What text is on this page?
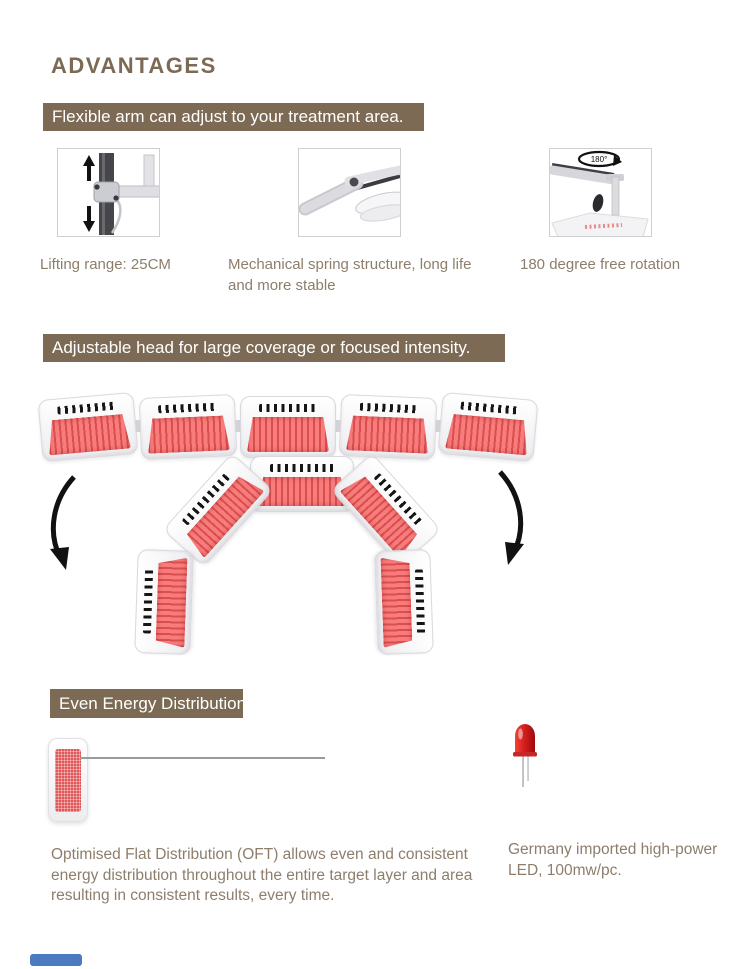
ADVANTAGES
Flexible arm can adjust to your treatment area.
180°
Lifting range: 25CM	Mechanical spring structure, long life and more stable
180 degree free rotation
Adjustable head for large coverage or focused intensity.
Even Energy Distribution

Optimised Flat Distribution (OFT) allows even and consistent energy distribution throughout the entire target layer and area resulting in consistent results, every time.

Germany imported high-power LED, 100mw/pc.
